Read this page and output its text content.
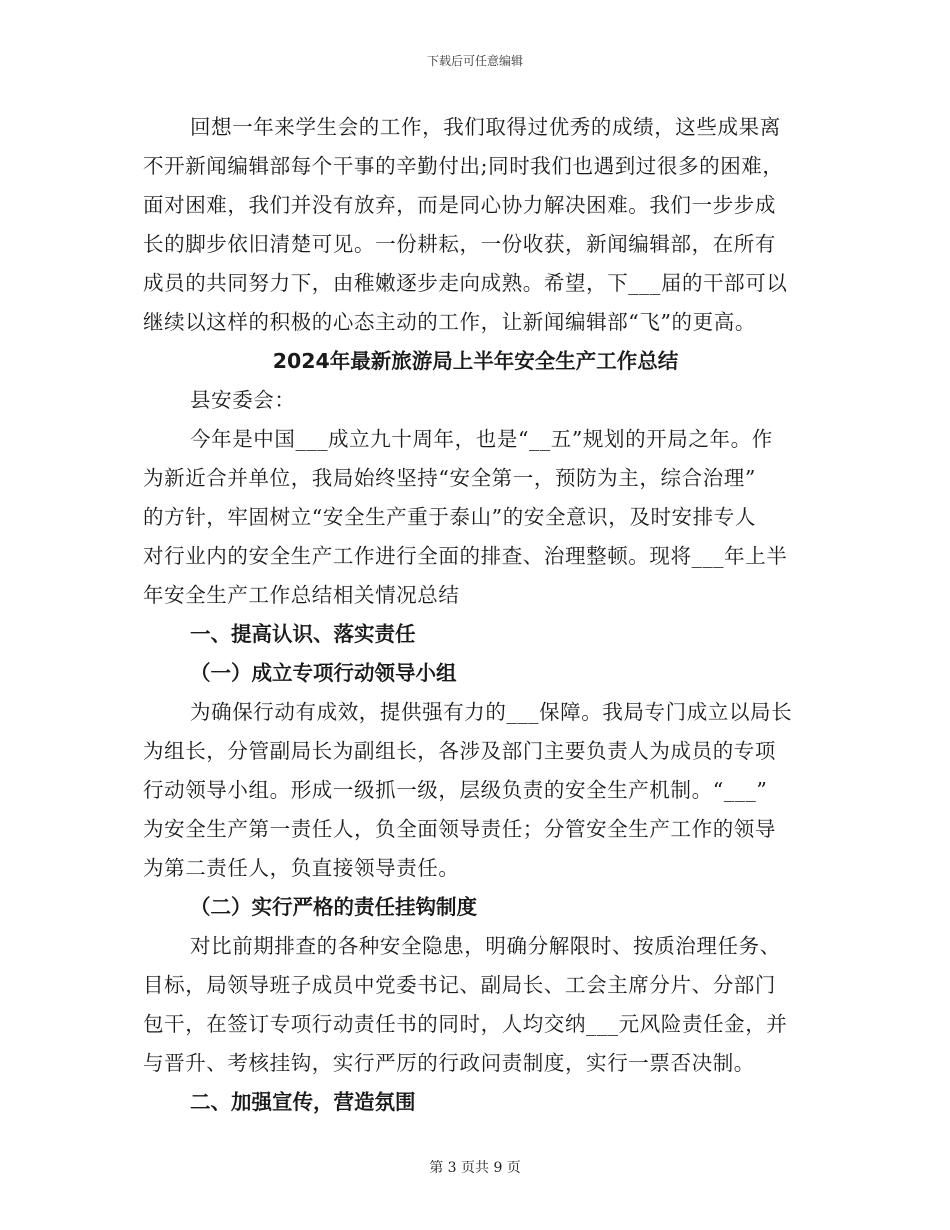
下载后可任意编辑
回想一年来学生会的工作，我们取得过优秀的成绩，这些成果离
不开新闻编辑部每个干事的辛勤付出;同时我们也遇到过很多的困难，
面对困难，我们并没有放弃，而是同心协力解决困难。我们一步步成
长的脚步依旧清楚可见。一份耕耘，一份收获，新闻编辑部，在所有
成员的共同努力下，由稚嫩逐步走向成熟。希望，下___届的干部可以
继续以这样的积极的心态主动的工作，让新闻编辑部“飞”的更高。
2024年最新旅游局上半年安全生产工作总结
县安委会：
今年是中国___成立九十周年，也是“__五”规划的开局之年。作
为新近合并单位，我局始终坚持“安全第一，预防为主，综合治理”
的方针，牢固树立“安全生产重于泰山”的安全意识，及时安排专人
对行业内的安全生产工作进行全面的排查、治理整顿。现将___年上半
年安全生产工作总结相关情况总结
一、提高认识、落实责任
（一）成立专项行动领导小组
为确保行动有成效，提供强有力的___保障。我局专门成立以局长
为组长，分管副局长为副组长，各涉及部门主要负责人为成员的专项
行动领导小组。形成一级抓一级，层级负责的安全生产机制。“___”
为安全生产第一责任人，负全面领导责任；分管安全生产工作的领导
为第二责任人，负直接领导责任。
（二）实行严格的责任挂钩制度
对比前期排查的各种安全隐患，明确分解限时、按质治理任务、
目标，局领导班子成员中党委书记、副局长、工会主席分片、分部门
包干，在签订专项行动责任书的同时，人均交纳___元风险责任金，并
与晋升、考核挂钩，实行严厉的行政问责制度，实行一票否决制。
二、加强宣传，营造氛围
第 3 页共 9 页
